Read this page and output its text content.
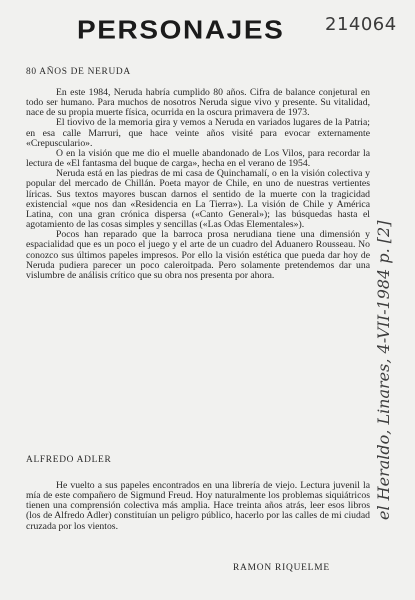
PERSONAJES 214064
80 AÑOS DE NERUDA

En este 1984, Neruda habría cumplido 80 años. Cifra de balance conjetural en todo ser humano. Para muchos de nosotros Neruda sigue vivo y presente. Su vitalidad, nace de su propia muerte física, ocurrida en la oscura primavera de 1973.

El tiovivo de la memoria gira y vemos a Neruda en variados lugares de la Patria; en esa calle Marruri, que hace veinte años visité para evocar externamente «Crepusculario».

O en la visión que me dio el muelle abandonado de Los Vilos, para recordar la lectura de «El fantasma del buque de carga», hecha en el verano de 1954.

Neruda está en las piedras de mi casa de Quinchamalí, o en la visión colectiva y popular del mercado de Chillán. Poeta mayor de Chile, en uno de nuestras vertientes líricas. Sus textos mayores buscan darnos el sentido de la muerte con la tragicidad existencial «que nos dan «Residencia en La Tierra»). La visión de Chile y América Latina, con una gran crónica dispersa («Canto General»); las búsquedas hasta el agotamiento de las cosas simples y sencillas («Las Odas Elementales»).

Pocos han reparado que la barroca prosa nerudiana tiene una dimensión y espacialidad que es un poco el juego y el arte de un cuadro del Aduanero Rousseau. No conozco sus últimos papeles impresos. Por ello la visión estética que pueda dar hoy de Neruda pudiera parecer un poco caleroitpada. Pero solamente pretendemos dar una vislumbre de análisis crítico que su obra nos presenta por ahora.

ALFREDO ADLER

He vuelto a sus papeles encontrados en una librería de viejo. Lectura juvenil la mía de este compañero de Sigmund Freud. Hoy naturalmente los problemas siquiátricos tienen una comprensión colectiva más amplia. Hace treinta años atrás, leer esos libros (los de Alfredo Adler) constituían un peligro público, hacerlo por las calles de mi ciudad cruzada por los vientos.

RAMON RIQUELME
el Heraldo, Linares, 4-VII-1984 p. [2]
